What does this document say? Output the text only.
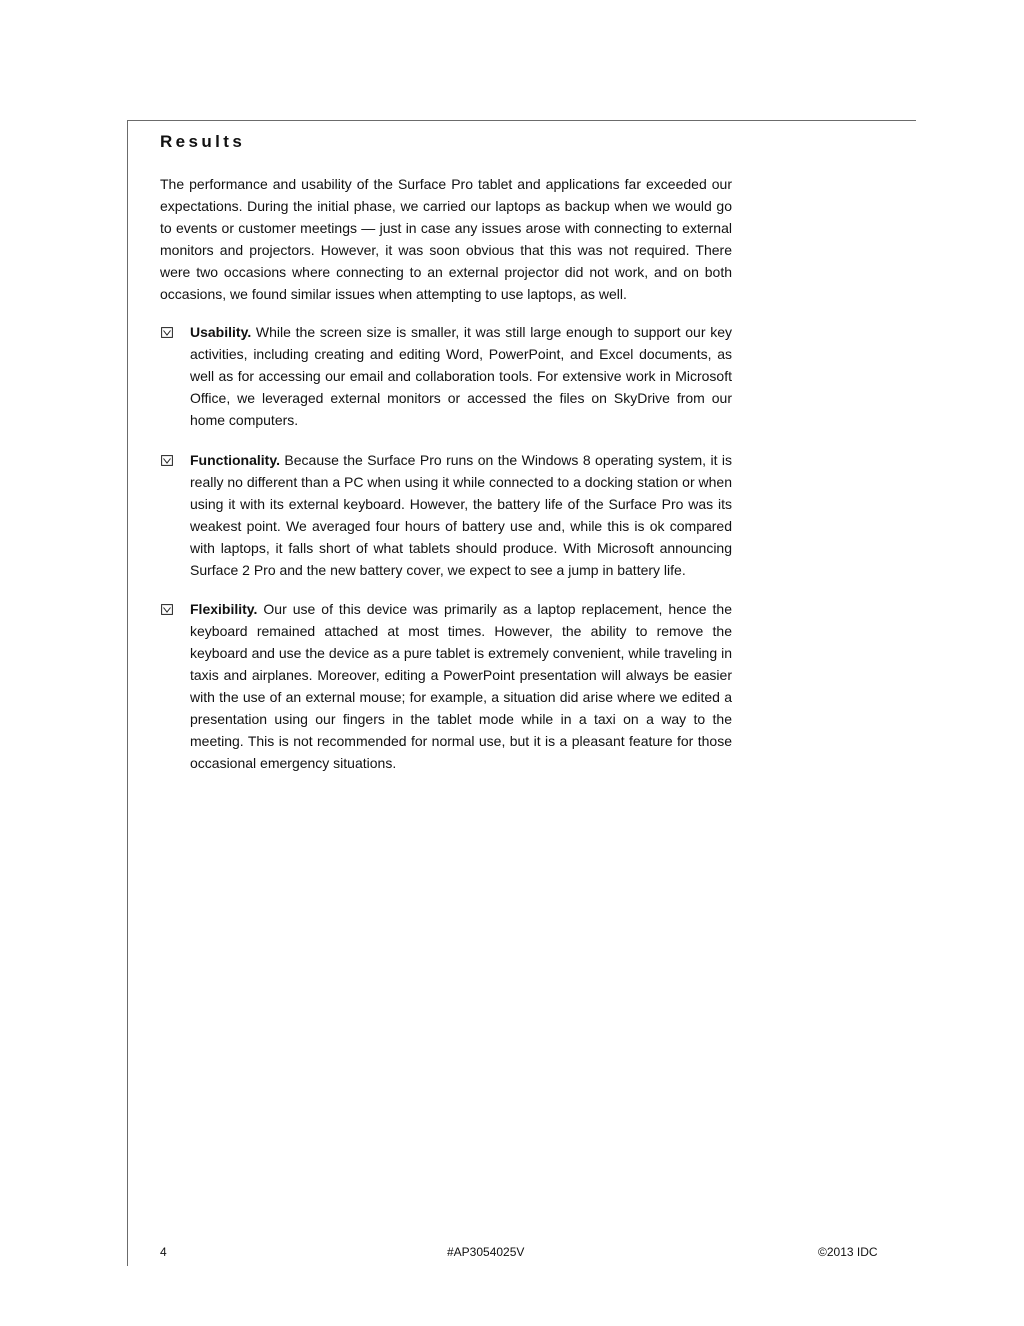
Results

The performance and usability of the Surface Pro tablet and applications far exceeded our expectations. During the initial phase, we carried our laptops as backup when we would go to events or customer meetings — just in case any issues arose with connecting to external monitors and projectors. However, it was soon obvious that this was not required. There were two occasions where connecting to an external projector did not work, and on both occasions, we found similar issues when attempting to use laptops, as well.

Usability. While the screen size is smaller, it was still large enough to support our key activities, including creating and editing Word, PowerPoint, and Excel documents, as well as for accessing our email and collaboration tools. For extensive work in Microsoft Office, we leveraged external monitors or accessed the files on SkyDrive from our home computers.

Functionality. Because the Surface Pro runs on the Windows 8 operating system, it is really no different than a PC when using it while connected to a docking station or when using it with its external keyboard. However, the battery life of the Surface Pro was its weakest point. We averaged four hours of battery use and, while this is ok compared with laptops, it falls short of what tablets should produce. With Microsoft announcing Surface 2 Pro and the new battery cover, we expect to see a jump in battery life.

Flexibility. Our use of this device was primarily as a laptop replacement, hence the keyboard remained attached at most times. However, the ability to remove the keyboard and use the device as a pure tablet is extremely convenient, while traveling in taxis and airplanes. Moreover, editing a PowerPoint presentation will always be easier with the use of an external mouse; for example, a situation did arise where we edited a presentation using our fingers in the tablet mode while in a taxi on a way to the meeting. This is not recommended for normal use, but it is a pleasant feature for those occasional emergency situations.

4	#AP3054025V	©2013 IDC
